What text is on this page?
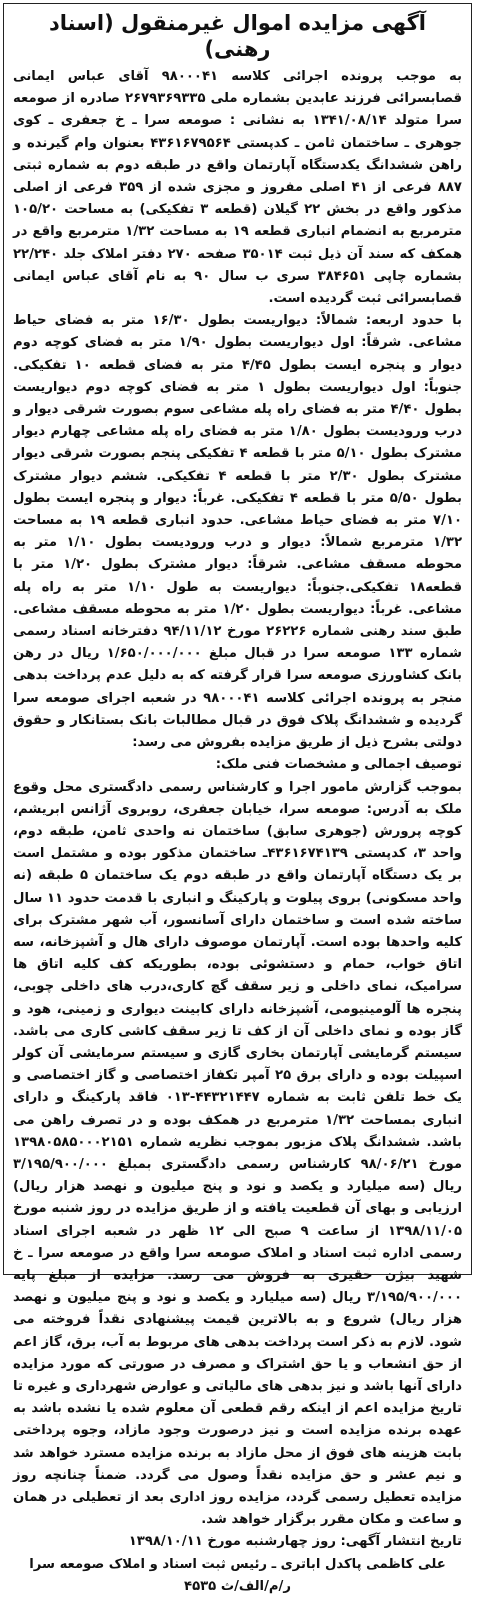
آگهی مزایده اموال غیرمنقول (اسناد رهنی)

به موجب پرونده اجرائی کلاسه ۹۸۰۰۰۴۱ آقای عباس ایمانی قصابسرائی فرزند عابدین بشماره ملی ۲۶۷۹۳۶۹۳۳۵ صادره از صومعه سرا متولد ۱۳۴۱/۰۸/۱۴ به نشانی : صومعه سرا ـ خ جعفری ـ کوی جوهری ـ ساختمان ثامن ـ کدپستی ۴۳۶۱۶۷۹۵۶۴ بعنوان وام گیرنده و راهن ششدانگ یکدستگاه آپارتمان واقع در طبقه دوم به شماره ثبتی ۸۸۷ فرعی از ۴۱ اصلی مفروز و مجزی شده از ۳۵۹ فرعی از اصلی مذکور واقع در بخش ۲۲ گیلان (قطعه ۳ تفکیکی) به مساحت ۱۰۵/۲۰ مترمربع به انضمام انباری قطعه ۱۹ به مساحت ۱/۳۲ مترمربع واقع در همکف که سند آن ذیل ثبت ۳۵۰۱۴ صفحه ۲۷۰ دفتر املاک جلد ۲۲/۲۴۰ بشماره چاپی ۳۸۴۶۵۱ سری ب سال ۹۰ به نام آقای عباس ایمانی قصابسرائی ثبت گردیده است.

با حدود اربعه: شمالاً: دیواریست بطول ۱۶/۳۰ متر به فضای حیاط مشاعی. شرقاً: اول دیواریست بطول ۱/۹۰ متر به فضای کوچه دوم دیوار و پنجره ایست بطول ۴/۴۵ متر به فضای قطعه ۱۰ تفکیکی. جنوباً: اول دیواریست بطول ۱ متر به فضای کوچه دوم دیواریست بطول ۴/۴۰ متر به فضای راه پله مشاعی سوم بصورت شرقی دیوار و درب ورودیست بطول ۱/۸۰ متر به فضای راه پله مشاعی چهارم دیوار مشترک بطول ۵/۱۰ متر با قطعه ۴ تفکیکی پنجم بصورت شرقی دیوار مشترک بطول ۲/۳۰ متر با قطعه ۴ تفکیکی. ششم دیوار مشترک بطول ۵/۵۰ متر با قطعه ۴ تفکیکی. غرباً: دیوار و پنجره ایست بطول ۷/۱۰ متر به فضای حیاط مشاعی. حدود انباری قطعه ۱۹ به مساحت ۱/۳۲ مترمربع شمالاً: دیوار و درب ورودیست بطول ۱/۱۰ متر به محوطه مسقف مشاعی. شرقاً: دیوار مشترک بطول ۱/۲۰ متر با قطعه۱۸ تفکیکی.جنوباً: دیواریست به طول ۱/۱۰ متر به راه پله مشاعی. غرباً: دیواریست بطول ۱/۲۰ متر به محوطه مسقف مشاعی. طبق سند رهنی شماره ۲۶۲۲۶ مورخ ۹۴/۱۱/۱۲ دفترخانه اسناد رسمی شماره ۱۳۳ صومعه سرا در قبال مبلغ ۱/۶۵۰/۰۰۰/۰۰۰ ریال در رهن بانک کشاورزی صومعه سرا قرار گرفته که به دلیل عدم پرداخت بدهی منجر به پرونده اجرائی کلاسه ۹۸۰۰۰۴۱ در شعبه اجرای صومعه سرا گردیده و ششدانگ پلاک فوق در قبال مطالبات بانک بستانکار و حقوق دولتی بشرح ذیل از طریق مزایده بفروش می رسد:

توصیف اجمالی و مشخصات فنی ملک:

بموجب گزارش مامور اجرا و کارشناس رسمی دادگستری محل وقوع ملک به آدرس: صومعه سرا، خیابان جعفری، روبروی آژانس ابریشم، کوچه پرورش (جوهری سابق) ساختمان نه واحدی ثامن، طبقه دوم، واحد ۳، کدپستی ۴۳۶۱۶۷۴۱۳۹ـ ساختمان مذکور بوده و مشتمل است بر یک دستگاه آپارتمان واقع در طبقه دوم یک ساختمان ۵ طبقه (نه واحد مسکونی) بروی پیلوت و پارکینگ و انباری با قدمت حدود ۱۱ سال ساخته شده است و ساختمان دارای آسانسور، آب شهر مشترک برای کلیه واحدها بوده است. آپارتمان موصوف دارای هال و آشپزخانه، سه اتاق خواب، حمام و دستشوئی بوده، بطوریکه کف کلیه اتاق ها سرامیک، نمای داخلی و زیر سقف گچ کاری،درب های داخلی چوبی، پنجره ها آلومینیومی، آشپزخانه دارای کابینت دیواری و زمینی، هود و گاز بوده و نمای داخلی آن از کف تا زیر سقف کاشی کاری می باشد. سیستم گرمایشی آپارتمان بخاری گازی و سیستم سرمایشی آن کولر اسپیلت بوده و دارای برق ۲۵ آمپر تکفاز اختصاصی و گاز اختصاصی و یک خط تلفن ثابت به شماره ۴۴۳۲۱۴۴۷-۰۱۳ فاقد پارکینگ و دارای انباری بمساحت ۱/۳۲ مترمربع در همکف بوده و در تصرف راهن می باشد. ششدانگ پلاک مزبور بموجب نظریه شماره ۱۳۹۸۰۵۸۵۰۰۰۲۱۵۱ مورخ ۹۸/۰۶/۲۱ کارشناس رسمی دادگستری بمبلغ ۳/۱۹۵/۹۰۰/۰۰۰ ریال (سه میلیارد و یکصد و نود و پنج میلیون و نهصد هزار ریال) ارزیابی و بهای آن قطعیت یافته و از طریق مزایده در روز شنبه مورخ ۱۳۹۸/۱۱/۰۵ از ساعت ۹ صبح الی ۱۲ ظهر در شعبه اجرای اسناد رسمی اداره ثبت اسناد و املاک صومعه سرا واقع در صومعه سرا ـ خ شهید بیژن حقیری به فروش می رسد. مزایده از مبلغ پایه ۳/۱۹۵/۹۰۰/۰۰۰ ریال (سه میلیارد و یکصد و نود و پنج میلیون و نهصد هزار ریال) شروع و به بالاترین قیمت پیشنهادی نقداً فروخته می شود. لازم به ذکر است پرداخت بدهی های مربوط به آب، برق، گاز اعم از حق انشعاب و یا حق اشتراک و مصرف در صورتی که مورد مزایده دارای آنها باشد و نیز بدهی های مالیاتی و عوارض شهرداری و غیره تا تاریخ مزایده اعم از اینکه رقم قطعی آن معلوم شده یا نشده باشد به عهده برنده مزایده است و نیز درصورت وجود مازاد، وجوه پرداختی بابت هزینه های فوق از محل مازاد به برنده مزایده مسترد خواهد شد و نیم عشر و حق مزایده نقداً وصول می گردد. ضمناً چنانچه روز مزایده تعطیل رسمی گردد، مزایده روز اداری بعد از تعطیلی در همان و ساعت و مکان مقرر برگزار خواهد شد.

تاریخ انتشار آگهی: روز چهارشنبه مورخ ۱۳۹۸/۱۰/۱۱

علی کاظمی پاکدل اباتری ـ رئیس ثبت اسناد و املاک صومعه سرا

ر/م/الف/ث ۴۵۳۵
